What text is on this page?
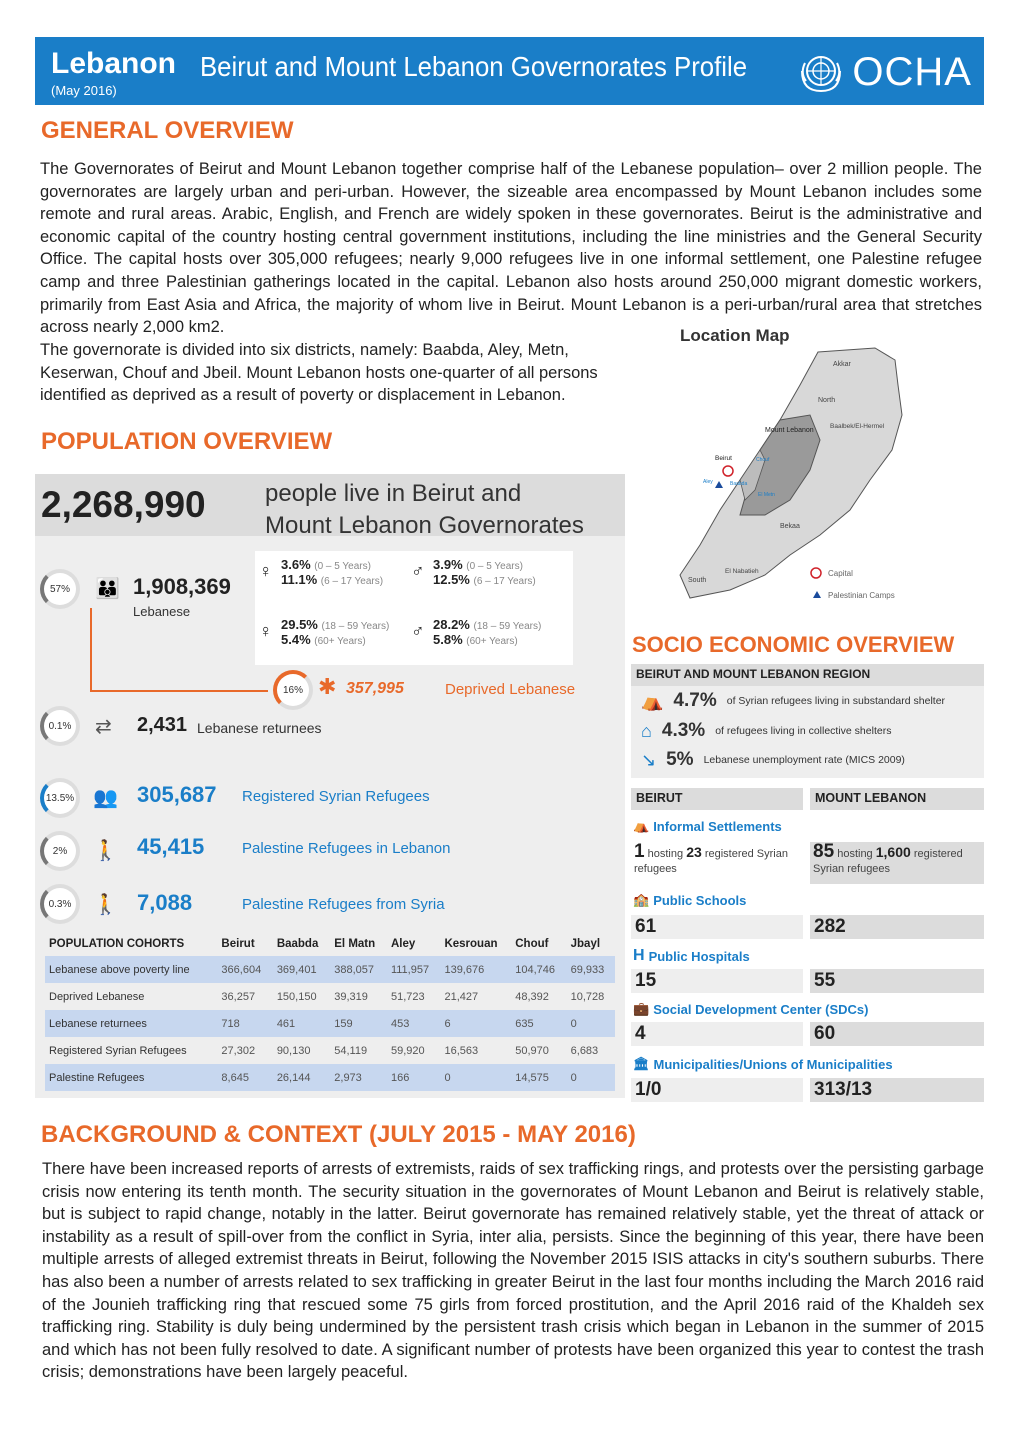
Lebanon
(May 2016)
Beirut and Mount Lebanon Governorates Profile	OCHA
GENERAL OVERVIEW
The Governorates of Beirut and Mount Lebanon together comprise half of the Lebanese population– over 2 million people. The governorates are largely urban and peri-urban. However, the sizeable area encompassed by Mount Lebanon includes some remote and rural areas. Arabic, English, and French are widely spoken in these governorates. Beirut is the administrative and economic capital of the country hosting central government institutions, including the line ministries and the General Security Office. The capital hosts over 305,000 refugees; nearly 9,000 refugees live in one informal settlement, one Palestine refugee camp and three Palestinian gatherings located in the capital. Lebanon also hosts around 250,000 migrant domestic workers, primarily from East Asia and Africa, the majority of whom live in Beirut. Mount Lebanon is a peri-urban/rural area that stretches across nearly 2,000 km2.
The governorate is divided into six districts, namely: Baabda, Aley, Metn, Keserwan, Chouf and Jbeil. Mount Lebanon hosts one-quarter of all persons identified as deprived as a result of poverty or displacement in Lebanon.
Location Map
Akkar
North
Baalbek/El-Hermel
Mount Lebanon
Beirut
Bekaa
South
El Nabatieh
Chouf
Aley	Baabda
El Metn
Capital
Palestinian Camps
POPULATION OVERVIEW
2,268,990 people live in Beirut and
Mount Lebanon Governorates
57%	👪 1,908,369
Lebanese
♀ 3.6% (0 – 5 Years)
11.1% (6 – 17 Years)
♂ 3.9% (0 – 5 Years)
12.5% (6 – 17 Years)
♀ 29.5% (18 – 59 Years)
5.4% (60+ Years)
♂ 28.2% (18 – 59 Years)
5.8% (60+ Years)
16% ✱ 357,995	Deprived Lebanese
0.1%	⇄ 2,431 Lebanese returnees
13.5% 👥 305,687 Registered Syrian Refugees
2%	🚶 45,415	Palestine Refugees in Lebanon
0.3%	🚶 7,088	Palestine Refugees from Syria
POPULATION COHORTS	Beirut	Baabda	El Matn	Aley	Kesrouan	Chouf	Jbayl
Lebanese above poverty line	366,604	369,401	388,057	111,957	139,676	104,746	69,933
Deprived Lebanese	36,257	150,150	39,319	51,723	21,427	48,392	10,728
Lebanese returnees	718	461	159	453	6	635	0
Registered Syrian Refugees	27,302	90,130	54,119	59,920	16,563	50,970	6,683
Palestine Refugees	8,645	26,144	2,973	166	0	14,575	0
SOCIO ECONOMIC OVERVIEW
BEIRUT AND MOUNT LEBANON REGION
⛺ 4.7% of Syrian refugees living in substandard shelter
⌂ 4.3% of refugees living in collective shelters
↘ 5% Lebanese unemployment rate (MICS 2009)
BEIRUT	MOUNT LEBANON
⛺ Informal Settlements
1 hosting 23 registered Syrian refugees
85 hosting 1,600 registered Syrian refugees
🏫 Public Schools
61	282
H Public Hospitals
15	55
💼 Social Development Center (SDCs)
4	60
🏛 Municipalities/Unions of Municipalities
1/0	313/13
BACKGROUND & CONTEXT (JULY 2015 - MAY 2016)
There have been increased reports of arrests of extremists, raids of sex trafficking rings, and protests over the persisting garbage crisis now entering its tenth month. The security situation in the governorates of Mount Lebanon and Beirut is relatively stable, but is subject to rapid change, notably in the latter. Beirut governorate has remained relatively stable, yet the threat of attack or instability as a result of spill-over from the conflict in Syria, inter alia, persists. Since the beginning of this year, there have been multiple arrests of alleged extremist threats in Beirut, following the November 2015 ISIS attacks in city's southern suburbs. There has also been a number of arrests related to sex trafficking in greater Beirut in the last four months including the March 2016 raid of the Jounieh trafficking ring that rescued some 75 girls from forced prostitution, and the April 2016 raid of the Khaldeh sex trafficking ring. Stability is duly being undermined by the persistent trash crisis which began in Lebanon in the summer of 2015 and which has not been fully resolved to date. A significant number of protests have been organized this year to contest the trash crisis; demonstrations have been largely peaceful.
